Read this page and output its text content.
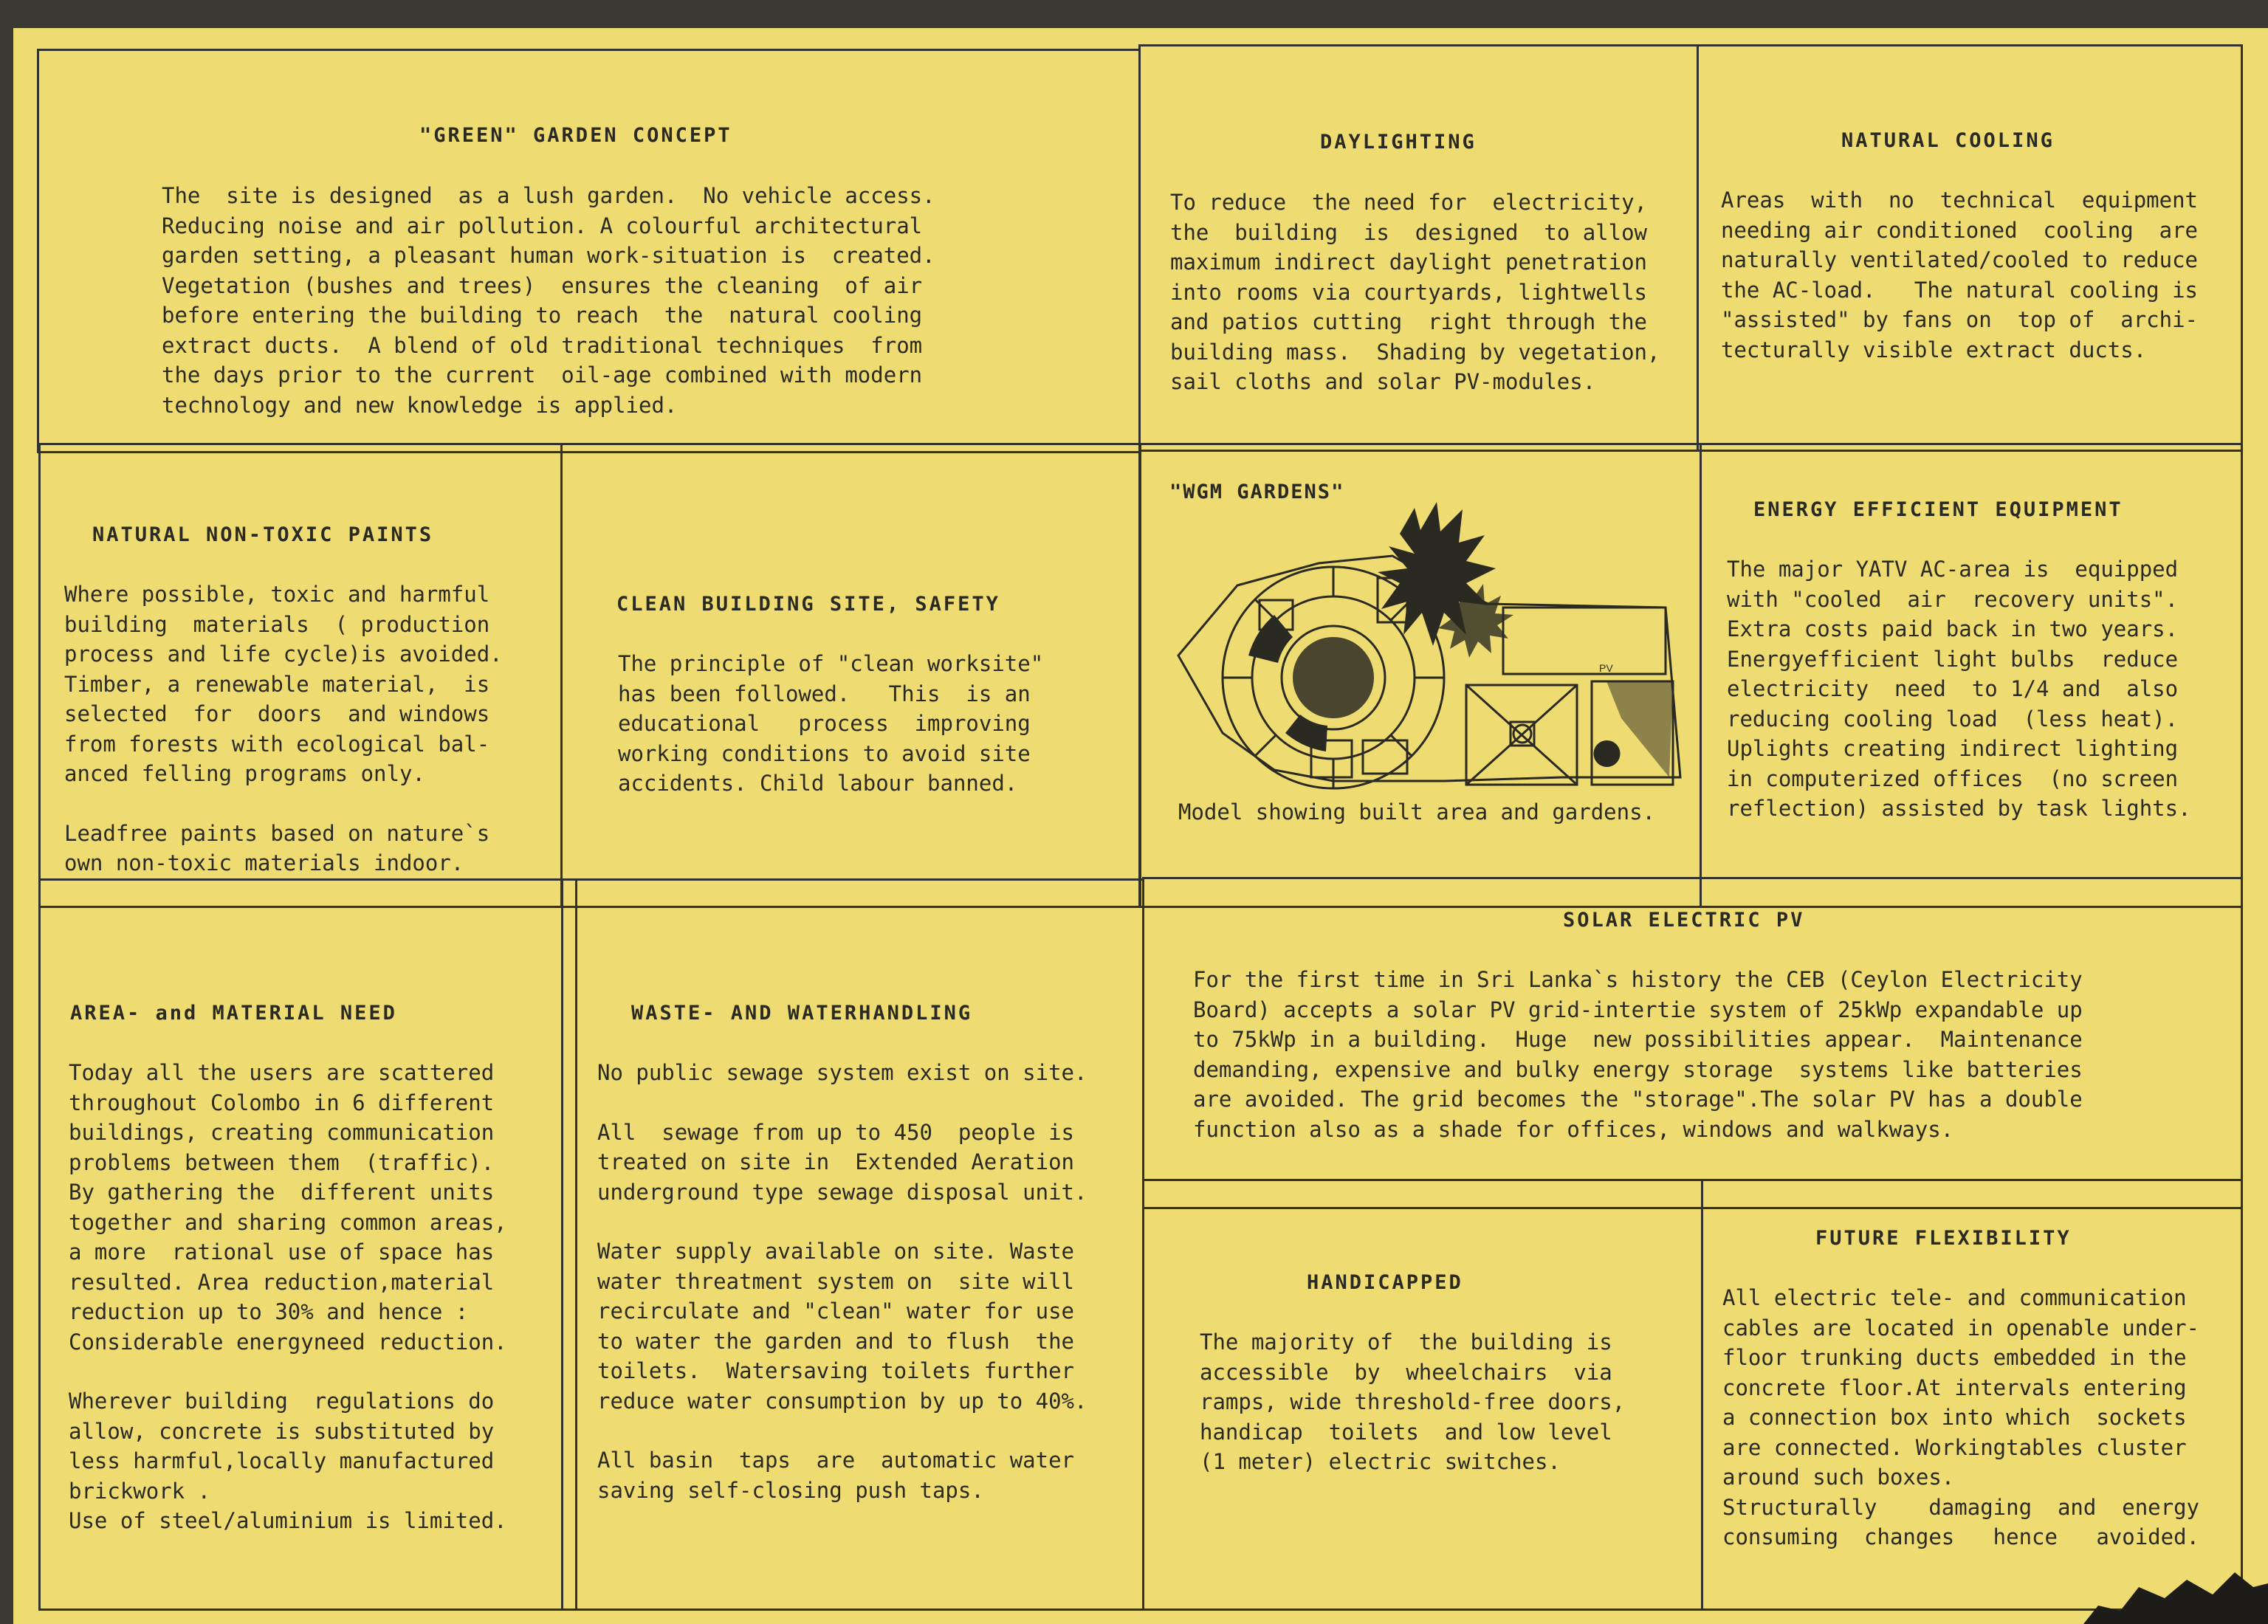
"GREEN" GARDEN CONCEPT

The  site is designed  as a lush garden.  No vehicle access.

Reducing noise and air pollution. A colourful architectural

garden setting, a pleasant human work-situation is  created.

Vegetation (bushes and trees)  ensures the cleaning  of air

before entering the building to reach  the  natural cooling

extract ducts.  A blend of old traditional techniques  from

the days prior to the current  oil-age combined with modern

technology and new knowledge is applied.

DAYLIGHTING

To reduce  the need for  electricity,

the  building  is  designed  to allow

maximum indirect daylight penetration

into rooms via courtyards, lightwells

and patios cutting  right through the

building mass.  Shading by vegetation,

sail cloths and solar PV-modules.

NATURAL COOLING

Areas  with  no  technical  equipment

needing air conditioned  cooling  are

naturally ventilated/cooled to reduce

the AC-load.   The natural cooling is

"assisted" by fans on  top of  archi-

tecturally visible extract ducts.

NATURAL NON-TOXIC PAINTS

Where possible, toxic and harmful

building  materials  ( production

process and life cycle)is avoided.

Timber, a renewable material,  is

selected  for  doors  and windows

from forests with ecological bal-

anced felling programs only.

Leadfree paints based on nature`s

own non-toxic materials indoor.

CLEAN BUILDING SITE, SAFETY

The principle of "clean worksite"

has been followed.   This  is an

educational   process  improving

working conditions to avoid site

accidents. Child labour banned.

"WGM GARDENS"
PV
Model showing built area and gardens.
ENERGY EFFICIENT EQUIPMENT

The major YATV AC-area is  equipped

with "cooled  air  recovery units".

Extra costs paid back in two years.

Energyefficient light bulbs  reduce

electricity  need  to 1/4 and  also

reducing cooling load  (less heat).

Uplights creating indirect lighting

in computerized offices  (no screen

reflection) assisted by task lights.

AREA- and MATERIAL NEED

Today all the users are scattered

throughout Colombo in 6 different

buildings, creating communication

problems between them  (traffic).

By gathering the  different units

together and sharing common areas,

a more  rational use of space has

resulted. Area reduction,material

reduction up to 30% and hence :

Considerable energyneed reduction.

Wherever building  regulations do

allow, concrete is substituted by

less harmful,locally manufactured

brickwork .

Use of steel/aluminium is limited.

WASTE- AND WATERHANDLING

No public sewage system exist on site.

All  sewage from up to 450  people is

treated on site in  Extended Aeration

underground type sewage disposal unit.

Water supply available on site. Waste

water threatment system on  site will

recirculate and "clean" water for use

to water the garden and to flush  the

toilets.  Watersaving toilets further

reduce water consumption by up to 40%.

All basin  taps  are  automatic water

saving self-closing push taps.

SOLAR ELECTRIC PV

For the first time in Sri Lanka`s history the CEB (Ceylon Electricity

Board) accepts a solar PV grid-intertie system of 25kWp expandable up

to 75kWp in a building.  Huge  new possibilities appear.  Maintenance

demanding, expensive and bulky energy storage  systems like batteries

are avoided. The grid becomes the "storage".The solar PV has a double

function also as a shade for offices, windows and walkways.

HANDICAPPED

The majority of  the building is

accessible  by  wheelchairs  via

ramps, wide threshold-free doors,

handicap  toilets  and low level

(1 meter) electric switches.

FUTURE FLEXIBILITY

All electric tele- and communication

cables are located in openable under-

floor trunking ducts embedded in the

concrete floor.At intervals entering

a connection box into which  sockets

are connected. Workingtables cluster

around such boxes.

Structurally    damaging  and  energy

consuming  changes   hence   avoided.
